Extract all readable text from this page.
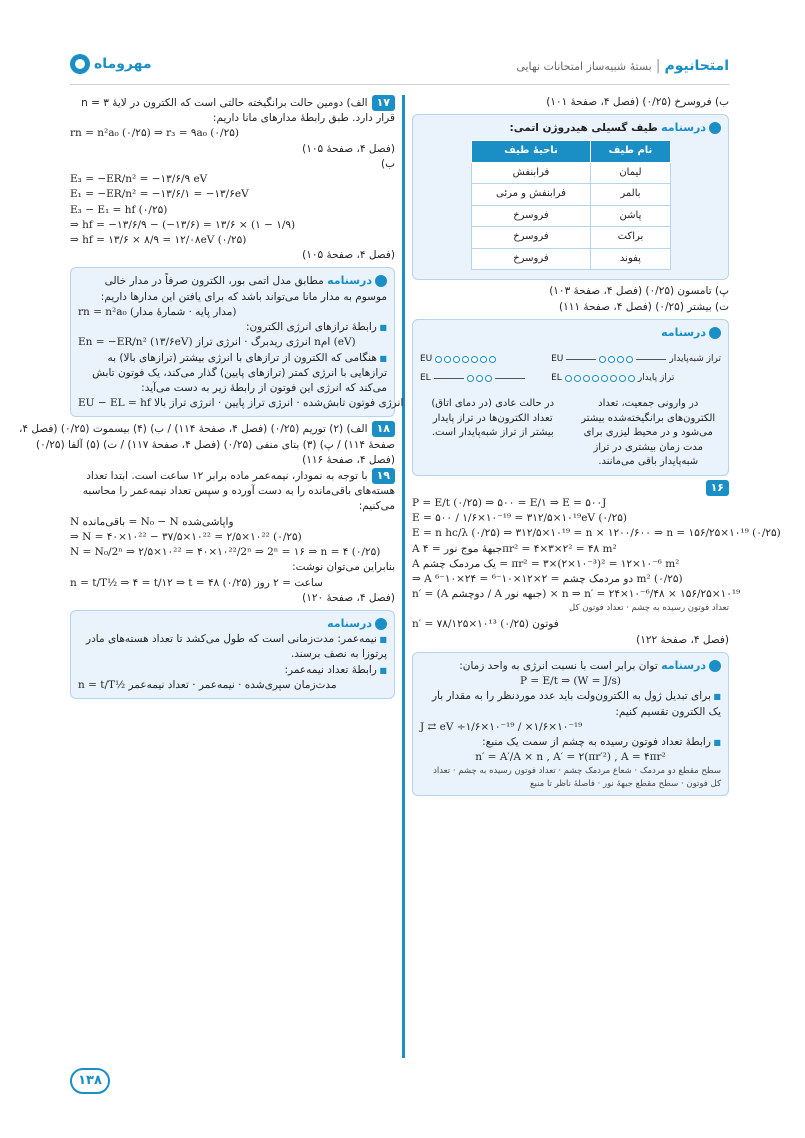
امتحانیوم|بستهٔ شبیه‌ساز امتحانات نهایی
مهروماه
ب) فروسرخ (۰/۲۵) (فصل ۴، صفحهٔ ۱۰۱)
درسنامه طیف گسیلی هیدروژن اتمی:
نام طیف	ناحیهٔ طیف
لیمان	فرابنفش
بالمر	فرابنفش و مرئی
پاشن	فروسرخ
براکت	فروسرخ
پفوند	فروسرخ
پ) تامسون (۰/۲۵) (فصل ۴، صفحهٔ ۱۰۳)
ت) بیشتر (۰/۲۵) (فصل ۴، صفحهٔ ۱۱۱)
درسنامه
EU	تراز شبه‌پایدار
EL	تراز پایدار
EU
EL
در وارونی جمعیت، تعداد الکترون‌های برانگیخته‌شده بیشتر می‌شود و در محیط لیزری برای مدت زمان بیشتری در تراز شبه‌پایدار باقی می‌مانند.
در حالت عادی (در دمای اتاق) تعداد الکترون‌ها در تراز پایدار بیشتر از تراز شبه‌پایدار است.
۱۶
P = E/t (۰/۲۵) ⇒ ۵۰۰ = E/۱ ⇒ E = ۵۰۰J
E = ۵۰۰ / ۱/۶×۱۰⁻¹⁹ = ۳۱۲/۵×۱۰¹⁹eV (۰/۲۵)
E = n hc/λ (۰/۲۵) ⇒ ۳۱۲/۵×۱۰¹⁹ = n × ۱۲۰۰/۶۰۰ ⇒ n = ۱۵۶/۲۵×۱۰¹⁹ (۰/۲۵)
A جبههٔ موج نور = ۴πr² = ۴×۳×۲² = ۴۸ m²
A یک مردمک چشم = πr² = ۳×(۲×۱۰⁻³)² = ۱۲×۱۰⁻⁶ m²
⇒ A دو مردمک چشم = ۲×۱۲×۱۰⁻⁶ = ۲۴×۱۰⁻⁶ m² (۰/۲۵)
n′ = (A دوچشم / A جبهه نور) × n ⇒ n′ = ۲۴×۱۰⁻⁶/۴۸ × ۱۵۶/۲۵×۱۰¹⁹
تعداد فوتون رسیده به چشم · تعداد فوتون کل
n′ = ۷۸/۱۲۵×۱۰¹³ فوتون (۰/۲۵)
(فصل ۴، صفحهٔ ۱۲۲)
درسنامه توان برابر است با نسبت انرژی به واحد زمان:
P = E/t ⇒ (W = J/s)
■ برای تبدیل ژول به الکترون‌ولت باید عدد موردنظر را به مقدار بار یک الکترون تقسیم کنیم:
J ⇄ eV ÷۱/۶×۱۰⁻¹⁹ / ×۱/۶×۱۰⁻¹⁹
■ رابطهٔ تعداد فوتون رسیده به چشم از سمت یک منبع:
n′ = A′/A × n , A′ = ۲(πr′²) , A = ۴πr²
سطح مقطع دو مردمک · شعاع مردمک چشم · تعداد فوتون رسیده به چشم · تعداد کل فوتون · سطح مقطع جبههٔ نور · فاصلهٔ ناظر تا منبع
۱۷الف) دومین حالت برانگیخته حالتی است که الکترون در لایهٔ n = ۳ قرار دارد. طبق رابطهٔ مدارهای مانا داریم:
rn = n²a₀ (۰/۲۵) ⇒ r₃ = ۹a₀ (۰/۲۵)
(فصل ۴، صفحهٔ ۱۰۵)
ب)
E₃ = −ER/n² = −۱۳/۶/۹ eV
E₁ = −ER/n² = −۱۳/۶/۱ = −۱۳/۶eV
E₃ − E₁ = hf (۰/۲۵)
⇒ hf = −۱۳/۶/۹ − (−۱۳/۶) = ۱۳/۶ × (۱ − ۱/۹)
⇒ hf = ۱۳/۶ × ۸/۹ = ۱۲/۰۸eV (۰/۲۵)
(فصل ۴، صفحهٔ ۱۰۵)
درسنامه مطابق مدل اتمی بور، الکترون صرفاً در مدار خالی موسوم به مدار مانا می‌تواند باشد که برای یافتن این مدارها داریم:
rn = n²a₀ (مدار پایه · شمارهٔ مدار)
■ رابطهٔ ترازهای انرژی الکترون:
En = −ER/n² (۱۳/۶eV) انرژی ریدبرگ · انرژی تراز nام (eV)
■ هنگامی که الکترون از ترازهای با انرژی بیشتر (ترازهای بالا) به ترازهایی با انرژی کمتر (ترازهای پایین) گذار می‌کند، یک فوتون تابش می‌کند که انرژی این فوتون از رابطهٔ زیر به دست می‌آید:
EU − EL = hf انرژی فوتون تابش‌شده · انرژی تراز پایین · انرژی تراز بالا
۱۸الف) (۲) توریم (۰/۲۵) (فصل ۴، صفحهٔ ۱۱۴) / ب) (۴) بیسموت (۰/۲۵) (فصل ۴،
صفحهٔ ۱۱۴) / پ) (۳) بتای منفی (۰/۲۵) (فصل ۴، صفحهٔ ۱۱۷) / ت) (۵) آلفا (۰/۲۵)
(فصل ۴، صفحهٔ ۱۱۶)
۱۹با توجه به نمودار، نیمه‌عمر ماده برابر ۱۲ ساعت است. ابتدا تعداد هسته‌های باقی‌مانده را به دست آورده و سپس تعداد نیمه‌عمر را محاسبه می‌کنیم:
N باقی‌مانده = N₀ − N واپاشی‌شده
⇒ N = ۴۰×۱۰²² − ۳۷/۵×۱۰²² = ۲/۵×۱۰²² (۰/۲۵)
N = N₀/2ⁿ ⇒ ۲/۵×۱۰²² = ۴۰×۱۰²²/2ⁿ ⇒ 2ⁿ = ۱۶ ⇒ n = ۴ (۰/۲۵)
بنابراین می‌توان نوشت:
n = t/T½ ⇒ ۴ = t/۱۲ ⇒ t = ۴۸ ساعت = ۲ روز (۰/۲۵)
(فصل ۴، صفحهٔ ۱۲۰)
درسنامه
■ نیمه‌عمر: مدت‌زمانی است که طول می‌کشد تا تعداد هسته‌های مادر پرتوزا به نصف برسند.
■ رابطهٔ تعداد نیمه‌عمر:
n = t/T½ مدت‌زمان سپری‌شده · نیمه‌عمر · تعداد نیمه‌عمر
۱۳۸
